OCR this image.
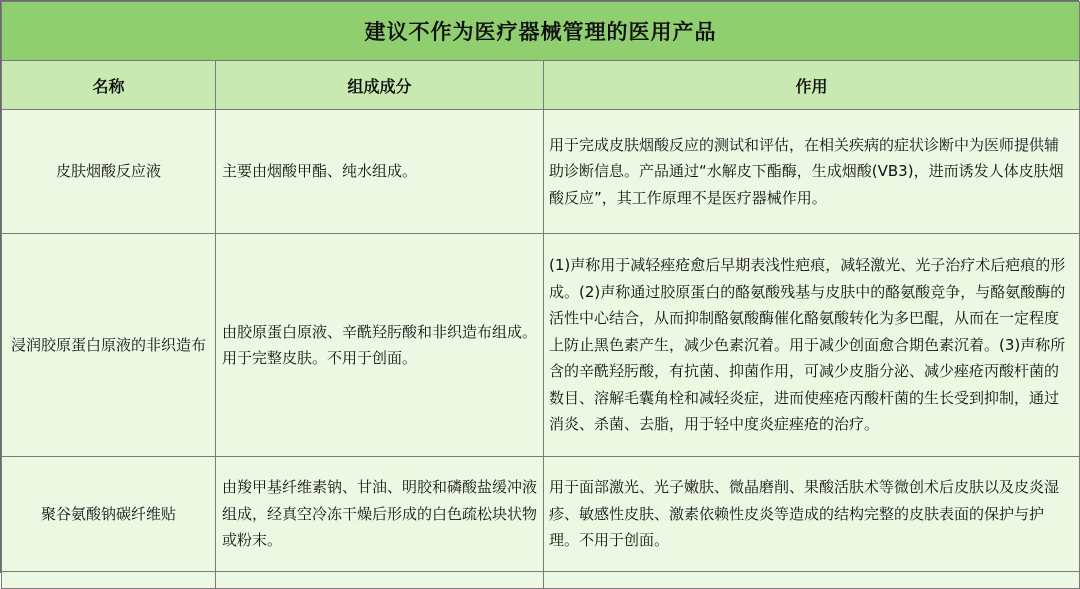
建议不作为医疗器械管理的医用产品		
名称	组成成分	作用
皮肤烟酸反应液	主要由烟酸甲酯、纯水组成。	用于完成皮肤烟酸反应的测试和评估，在相关疾病的症状诊断中为医师提供辅助诊断信息。产品通过“水解皮下酯酶，生成烟酸(VB3)，进而诱发人体皮肤烟酸反应”，其工作原理不是医疗器械作用。
浸润胶原蛋白原液的非织造布	由胶原蛋白原液、辛酰羟肟酸和非织造布组成。用于完整皮肤。不用于创面。	(1)声称用于减轻痤疮愈后早期表浅性疤痕，减轻激光、光子治疗术后疤痕的形成。(2)声称通过胶原蛋白的酪氨酸残基与皮肤中的酪氨酸竞争，与酪氨酸酶的活性中心结合，从而抑制酪氨酸酶催化酪氨酸转化为多巴醌，从而在一定程度上防止黑色素产生，减少色素沉着。用于减少创面愈合期色素沉着。(3)声称所含的辛酰羟肟酸，有抗菌、抑菌作用，可减少皮脂分泌、减少痤疮丙酸杆菌的数目、溶解毛囊角栓和减轻炎症，进而使痤疮丙酸杆菌的生长受到抑制，通过消炎、杀菌、去脂，用于轻中度炎症痤疮的治疗。
聚谷氨酸钠碳纤维贴	由羧甲基纤维素钠、甘油、明胶和磷酸盐缓冲液组成，经真空冷冻干燥后形成的白色疏松块状物或粉末。	用于面部激光、光子嫩肤、微晶磨削、果酸活肤术等微创术后皮肤以及皮炎湿疹、敏感性皮肤、激素依赖性皮炎等造成的结构完整的皮肤表面的保护与护理。不用于创面。
